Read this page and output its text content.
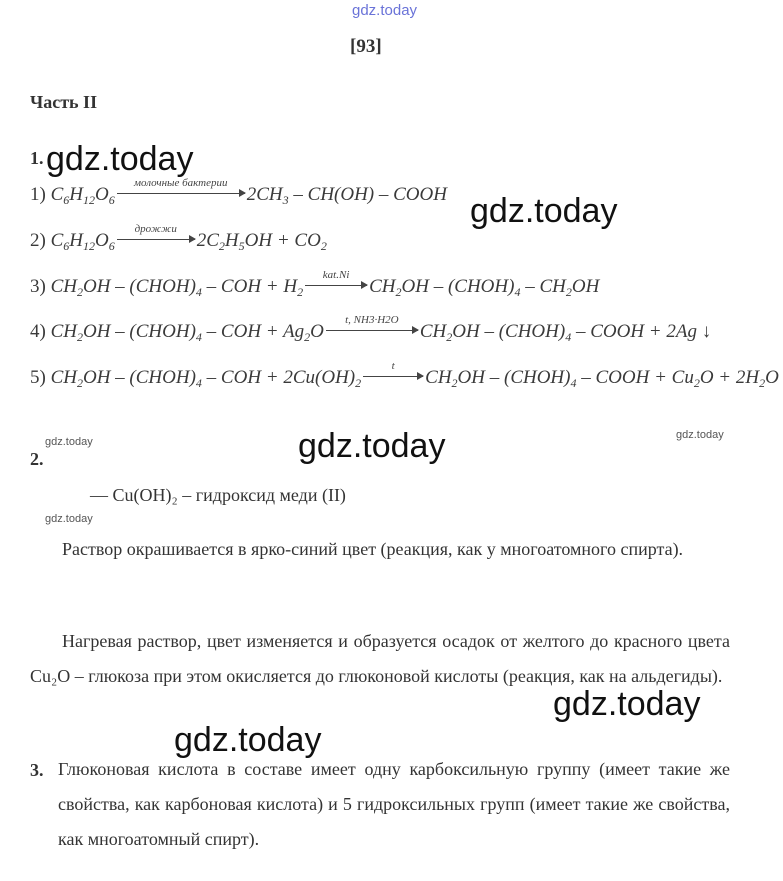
gdz.today
[93]
Часть II
1.
1) $C_6H_{12}O_6$
молочные бактерии
$2CH_3 - CH(OH)$ – COOH
2) $C_6H_{12}O_6$
дрожжи
$2C_2H_5OH + CO_2$
3) $CH_2OH$ – $(CHOH)_4$ – COH + $H_2$
kat.Ni
$CH_2OH$ – $(CHOH)_4 - CH_2OH$
4) $CH_2OH$ – $(CHOH)_4$ – COH + $Ag_2O$
t, NH3·H2O
$CH_2OH$ – $(CHOH)_4$ – COOH + 2Ag ↓
5) $CH_2OH$ – $(CHOH)_4$ – COH + $2Cu(OH)_2$
t
$CH_2OH$ – $(CHOH)_4$ – COOH + $Cu_2O + 2H_2O$
2.
— Cu(OH)₂ – гидроксид меди (II)
Раствор окрашивается в ярко-синий цвет (реакция, как у многоатомного спирта).
Нагревая раствор, цвет изменяется и образуется осадок от желтого до красного цвета Cu₂O – глюкоза при этом окисляется до глюконовой кислоты (реакция, как на альдегиды).
3. Глюконовая кислота в составе имеет одну карбоксильную группу (имеет такие же свойства, как карбоновая кислота) и 5 гидроксильных групп (имеет такие же свойства, как многоатомный спирт).
gdz.today
gdz.today
gdz.today
gdz.today
gdz.today
gdz.today
gdz.today
gdz.today
